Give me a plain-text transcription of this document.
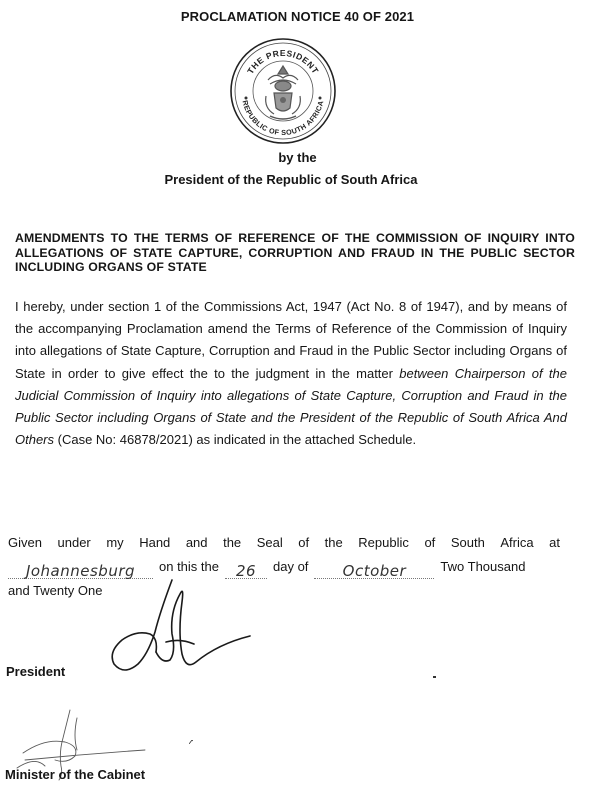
PROCLAMATION NOTICE 40 OF 2021
THE PRESIDENT
REPUBLIC OF SOUTH AFRICA
by the
President of the Republic of South Africa
AMENDMENTS TO THE TERMS OF REFERENCE OF THE COMMISSION OF INQUIRY INTO ALLEGATIONS OF STATE CAPTURE, CORRUPTION AND FRAUD IN THE PUBLIC SECTOR INCLUDING ORGANS OF STATE
I hereby, under section 1 of the Commissions Act, 1947 (Act No. 8 of 1947), and by means of the accompanying Proclamation amend the Terms of Reference of the Commission of Inquiry into allegations of State Capture, Corruption and Fraud in the Public Sector including Organs of State in order to give effect the to the judgment in the matter between Chairperson of the Judicial Commission of Inquiry into allegations of State Capture, Corruption and Fraud in the Public Sector including Organs of State and the President of the Republic of South Africa And Others (Case No: 46878/2021) as indicated in the attached Schedule.
Given under my Hand and the Seal of the Republic of South Africa at
Johannesburg	on this the	26	day of	October	Two Thousand
and Twenty One
President
Minister of the Cabinet
